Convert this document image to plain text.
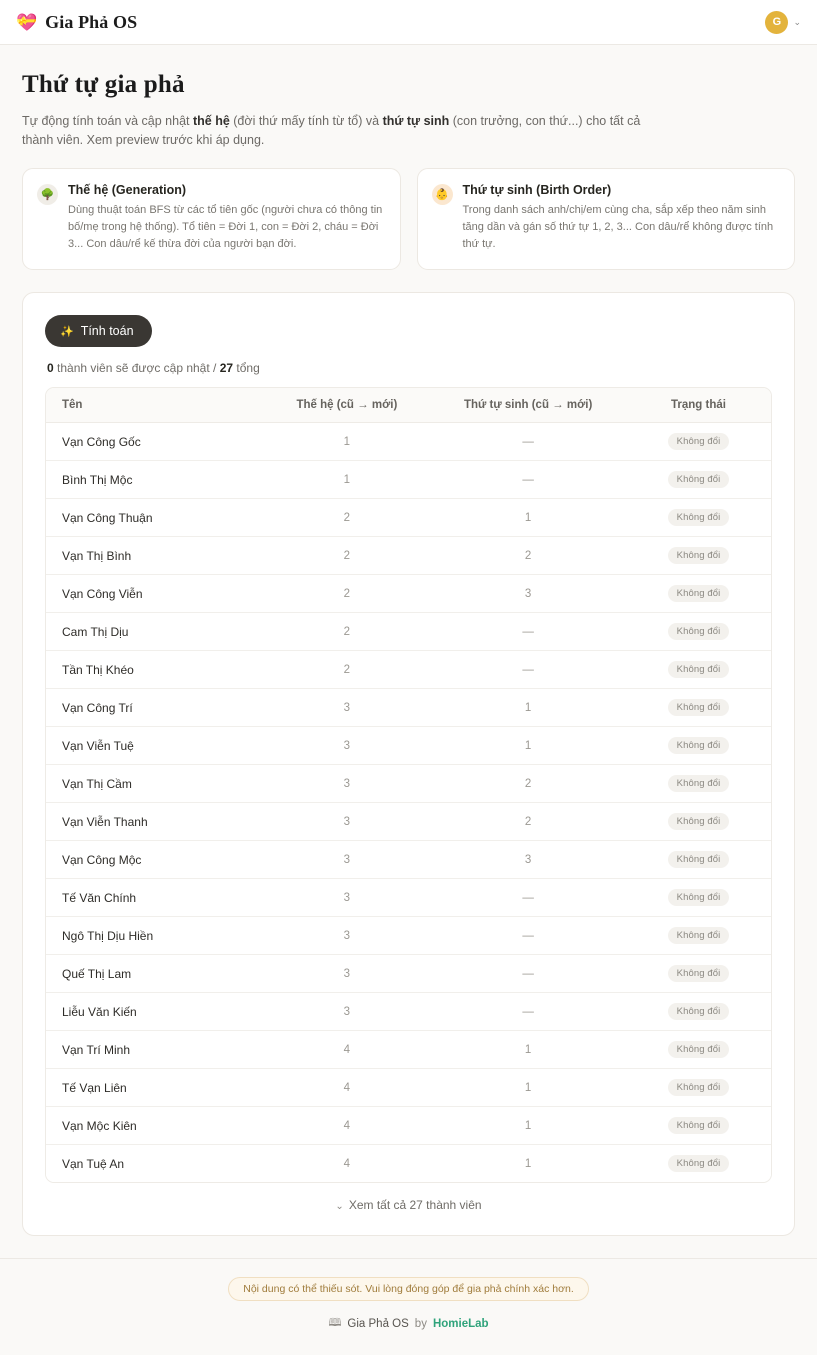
💝 Gia Phả OS	G	⌄
Thứ tự gia phả

Tự động tính toán và cập nhật thế hệ (đời thứ mấy tính từ tổ) và thứ tự sinh (con trưởng, con thứ...) cho tất cả thành viên. Xem preview trước khi áp dụng.

🌳 Thế hệ (Generation)

Dùng thuật toán BFS từ các tổ tiên gốc (người chưa có thông tin bố/mẹ trong hệ thống). Tổ tiên = Đời 1, con = Đời 2, cháu = Đời 3... Con dâu/rể kế thừa đời của người bạn đời.

👶 Thứ tự sinh (Birth Order)

Trong danh sách anh/chị/em cùng cha, sắp xếp theo năm sinh tăng dần và gán số thứ tự 1, 2, 3... Con dâu/rể không được tính thứ tự.

✨ Tính toán
0 thành viên sẽ được cập nhật / 27 tổng
Tên	Thế hệ (cũ → mới)	Thứ tự sinh (cũ → mới)	Trạng thái
Vạn Công Gốc	1	—	Không đổi
Bình Thị Mộc	1	—	Không đổi
Vạn Công Thuận	2	1	Không đổi
Vạn Thị Bình	2	2	Không đổi
Vạn Công Viễn	2	3	Không đổi
Cam Thị Dịu	2	—	Không đổi
Tần Thị Khéo	2	—	Không đổi
Vạn Công Trí	3	1	Không đổi
Vạn Viễn Tuệ	3	1	Không đổi
Vạn Thị Cầm	3	2	Không đổi
Vạn Viễn Thanh	3	2	Không đổi
Vạn Công Mộc	3	3	Không đổi
Tế Văn Chính	3	—	Không đổi
Ngô Thị Dịu Hiền	3	—	Không đổi
Quế Thị Lam	3	—	Không đổi
Liễu Văn Kiến	3	—	Không đổi
Vạn Trí Minh	4	1	Không đổi
Tế Vạn Liên	4	1	Không đổi
Vạn Mộc Kiên	4	1	Không đổi
Vạn Tuệ An	4	1	Không đổi
⌄ Xem tất cả 27 thành viên
Nội dung có thể thiếu sót. Vui lòng đóng góp để gia phả chính xác hơn.
🕮 Gia Phả OS by HomieLab
